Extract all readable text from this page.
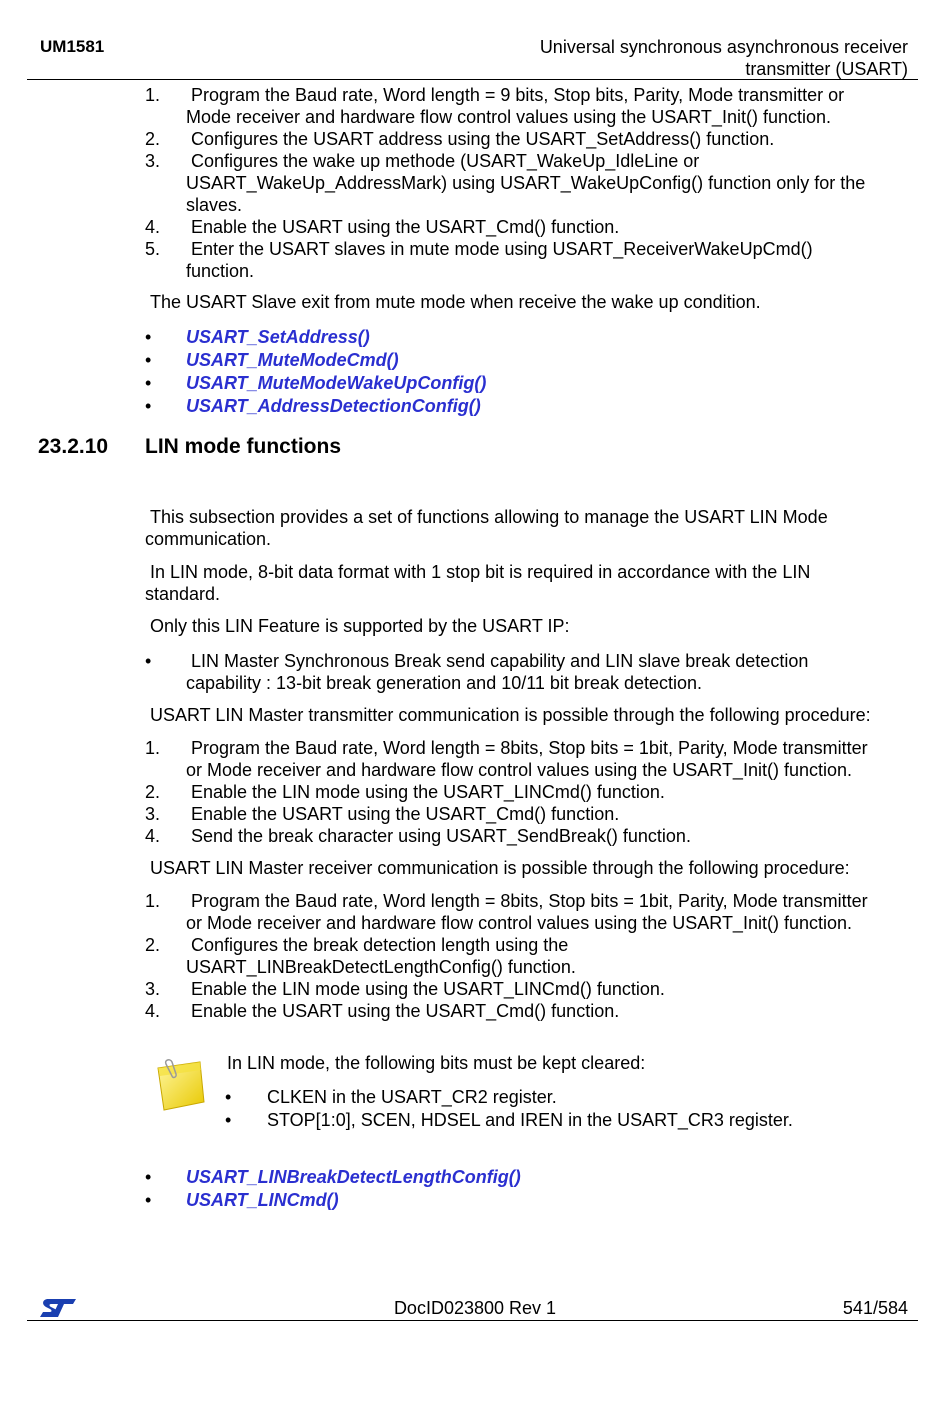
UM1581	Universal synchronous asynchronous receiver
transmitter (USART)
1. Program the Baud rate, Word length = 9 bits, Stop bits, Parity, Mode transmitter or
Mode receiver and hardware flow control values using the USART_Init() function.
2. Configures the USART address using the USART_SetAddress() function.
3. Configures the wake up methode (USART_WakeUp_IdleLine or
USART_WakeUp_AddressMark) using USART_WakeUpConfig() function only for the
slaves.
4. Enable the USART using the USART_Cmd() function.
5. Enter the USART slaves in mute mode using USART_ReceiverWakeUpCmd()
function.

The USART Slave exit from mute mode when receive the wake up condition.

• USART_SetAddress()
• USART_MuteModeCmd()
• USART_MuteModeWakeUpConfig()
• USART_AddressDetectionConfig()
23.2.10 LIN mode functions

This subsection provides a set of functions allowing to manage the USART LIN Mode
communication.

In LIN mode, 8-bit data format with 1 stop bit is required in accordance with the LIN
standard.

Only this LIN Feature is supported by the USART IP:

• LIN Master Synchronous Break send capability and LIN slave break detection
capability : 13-bit break generation and 10/11 bit break detection.

USART LIN Master transmitter communication is possible through the following procedure:

1. Program the Baud rate, Word length = 8bits, Stop bits = 1bit, Parity, Mode transmitter
or Mode receiver and hardware flow control values using the USART_Init() function.
2. Enable the LIN mode using the USART_LINCmd() function.
3. Enable the USART using the USART_Cmd() function.
4. Send the break character using USART_SendBreak() function.

USART LIN Master receiver communication is possible through the following procedure:

1. Program the Baud rate, Word length = 8bits, Stop bits = 1bit, Parity, Mode transmitter
or Mode receiver and hardware flow control values using the USART_Init() function.
2. Configures the break detection length using the
USART_LINBreakDetectLengthConfig() function.
3. Enable the LIN mode using the USART_LINCmd() function.
4. Enable the USART using the USART_Cmd() function.
In LIN mode, the following bits must be kept cleared:
• CLKEN in the USART_CR2 register.
• STOP[1:0], SCEN, HDSEL and IREN in the USART_CR3 register.
• USART_LINBreakDetectLengthConfig()
• USART_LINCmd()
DocID023800 Rev 1	541/584
